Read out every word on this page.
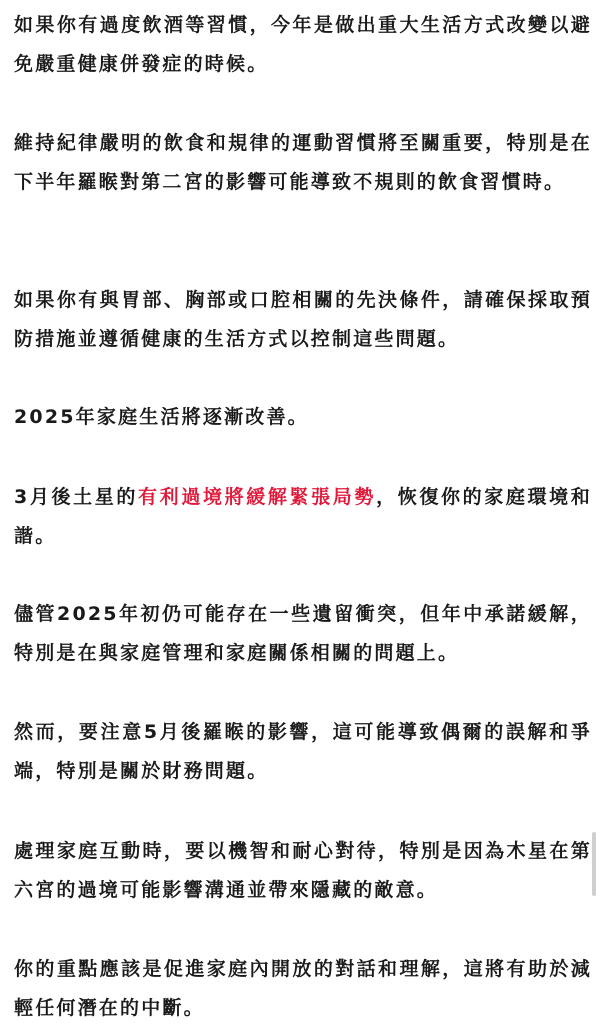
如果你有過度飲酒等習慣，今年是做出重大生活方式改變以避免嚴重健康併發症的時候。

維持紀律嚴明的飲食和規律的運動習慣將至關重要，特別是在下半年羅睺對第二宮的影響可能導致不規則的飲食習慣時。

如果你有與胃部、胸部或口腔相關的先決條件，請確保採取預防措施並遵循健康的生活方式以控制這些問題。

2025年家庭生活將逐漸改善。

3月後土星的有利過境將緩解緊張局勢，恢復你的家庭環境和諧。

儘管2025年初仍可能存在一些遺留衝突，但年中承諾緩解，特別是在與家庭管理和家庭關係相關的問題上。

然而，要注意5月後羅睺的影響，這可能導致偶爾的誤解和爭端，特別是關於財務問題。

處理家庭互動時，要以機智和耐心對待，特別是因為木星在第六宮的過境可能影響溝通並帶來隱藏的敵意。

你的重點應該是促進家庭內開放的對話和理解，這將有助於減輕任何潛在的中斷。
